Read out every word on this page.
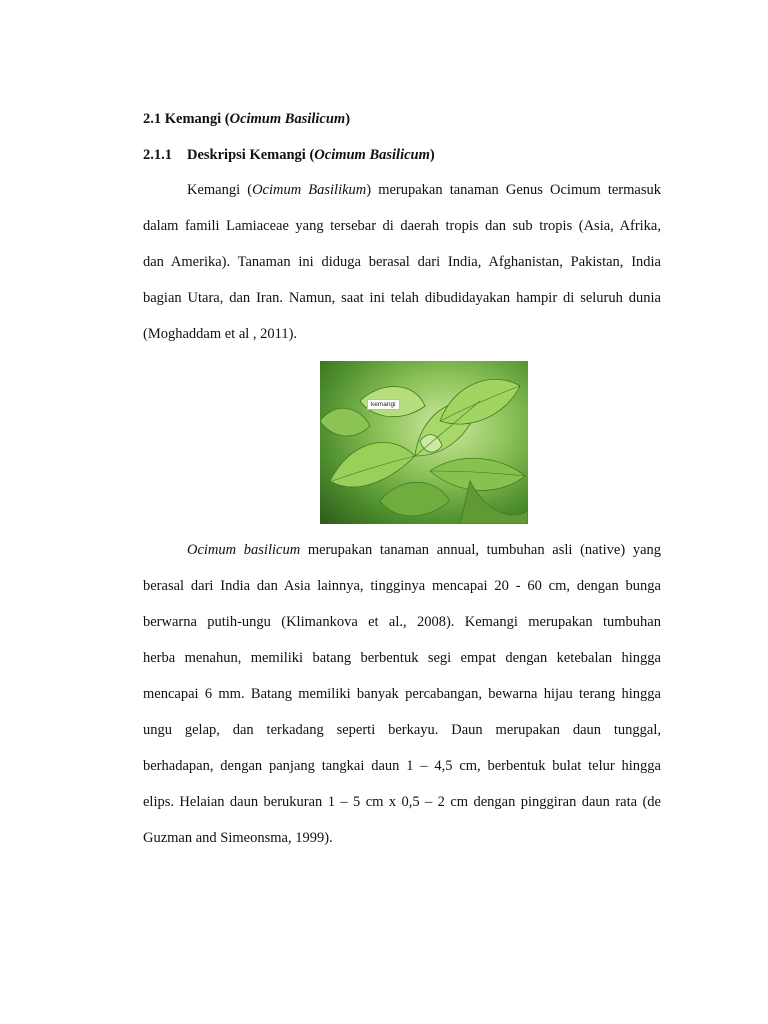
2.1 Kemangi (Ocimum Basilicum)
2.1.1 Deskripsi Kemangi (Ocimum Basilicum)
Kemangi (Ocimum Basilikum) merupakan tanaman Genus Ocimum termasuk
dalam famili Lamiaceae yang tersebar di daerah tropis dan sub tropis (Asia, Afrika,
dan Amerika). Tanaman ini diduga berasal dari India, Afghanistan, Pakistan, India
bagian Utara, dan Iran. Namun, saat ini telah dibudidayakan hampir di seluruh dunia
(Moghaddam et al , 2011).
kemangi
Ocimum basilicum merupakan tanaman annual, tumbuhan asli (native) yang
berasal dari India dan Asia lainnya, tingginya mencapai 20 - 60 cm, dengan bunga
berwarna putih-ungu (Klimankova et al., 2008). Kemangi merupakan tumbuhan
herba menahun, memiliki batang berbentuk segi empat dengan ketebalan hingga
mencapai 6 mm. Batang memiliki banyak percabangan, bewarna hijau terang hingga
ungu gelap, dan terkadang seperti berkayu. Daun merupakan daun tunggal,
berhadapan, dengan panjang tangkai daun 1 – 4,5 cm, berbentuk bulat telur hingga
elips. Helaian daun berukuran 1 – 5 cm x 0,5 – 2 cm dengan pinggiran daun rata (de
Guzman and Simeonsma, 1999).
